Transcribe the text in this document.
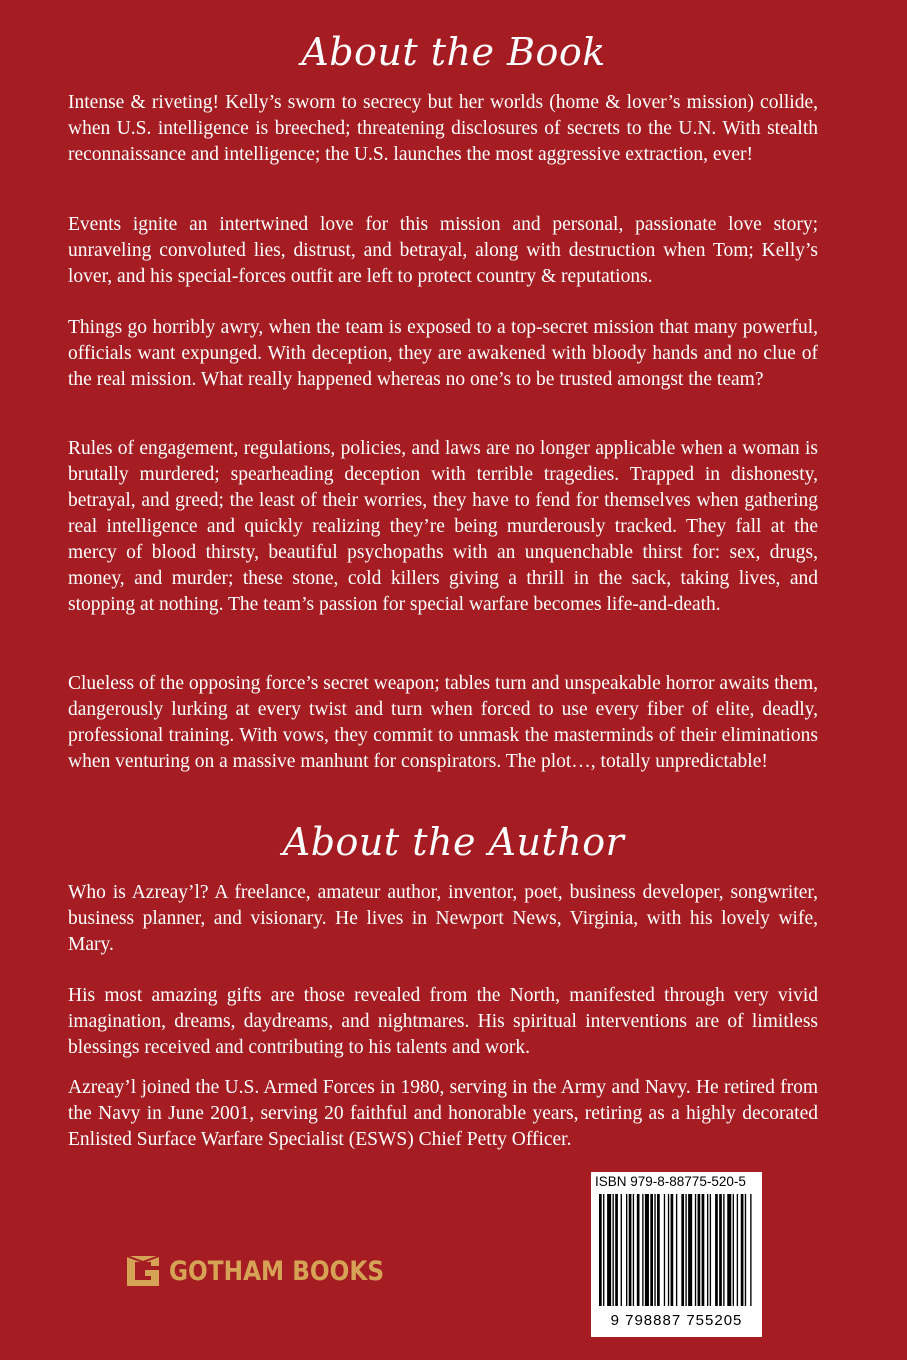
About the Book

Intense & riveting! Kelly’s sworn to secrecy but her worlds (home & lover’s mission) collide, when U.S. intelligence is breeched; threatening disclosures of secrets to the U.N. With stealth reconnaissance and intelligence; the U.S. launches the most aggressive extraction, ever!

Events ignite an intertwined love for this mission and personal, passionate love story; unraveling convoluted lies, distrust, and betrayal, along with destruction when Tom; Kelly’s lover, and his special-forces outfit are left to protect country & reputations.

Things go horribly awry, when the team is exposed to a top-secret mission that many powerful, officials want expunged. With deception, they are awakened with bloody hands and no clue of the real mission. What really happened whereas no one’s to be trusted amongst the team?

Rules of engagement, regulations, policies, and laws are no longer applicable when a woman is brutally murdered; spearheading deception with terrible tragedies. Trapped in dishonesty, betrayal, and greed; the least of their worries, they have to fend for themselves when gathering real intelligence and quickly realizing they’re being murderously tracked. They fall at the mercy of blood thirsty, beautiful psychopaths with an unquenchable thirst for: sex, drugs, money, and murder; these stone, cold killers giving a thrill in the sack, taking lives, and stopping at nothing. The team’s passion for special warfare becomes life-and-death.

Clueless of the opposing force’s secret weapon; tables turn and unspeakable horror awaits them, dangerously lurking at every twist and turn when forced to use every fiber of elite, deadly, professional training. With vows, they commit to unmask the masterminds of their eliminations when venturing on a massive manhunt for conspirators. The plot…, totally unpredictable!

About the Author

Who is Azreay’l? A freelance, amateur author, inventor, poet, business developer, songwriter, business planner, and visionary. He lives in Newport News, Virginia, with his lovely wife, Mary.

His most amazing gifts are those revealed from the North, manifested through very vivid imagination, dreams, daydreams, and nightmares. His spiritual interventions are of limitless blessings received and contributing to his talents and work.

Azreay’l joined the U.S. Armed Forces in 1980, serving in the Army and Navy. He retired from the Navy in June 2001, serving 20 faithful and honorable years, retiring as a highly decorated Enlisted Surface Warfare Specialist (ESWS) Chief Petty Officer.

ISBN 979-8-88775-520-5
9 798887 755205
GOTHAM BOOKS
